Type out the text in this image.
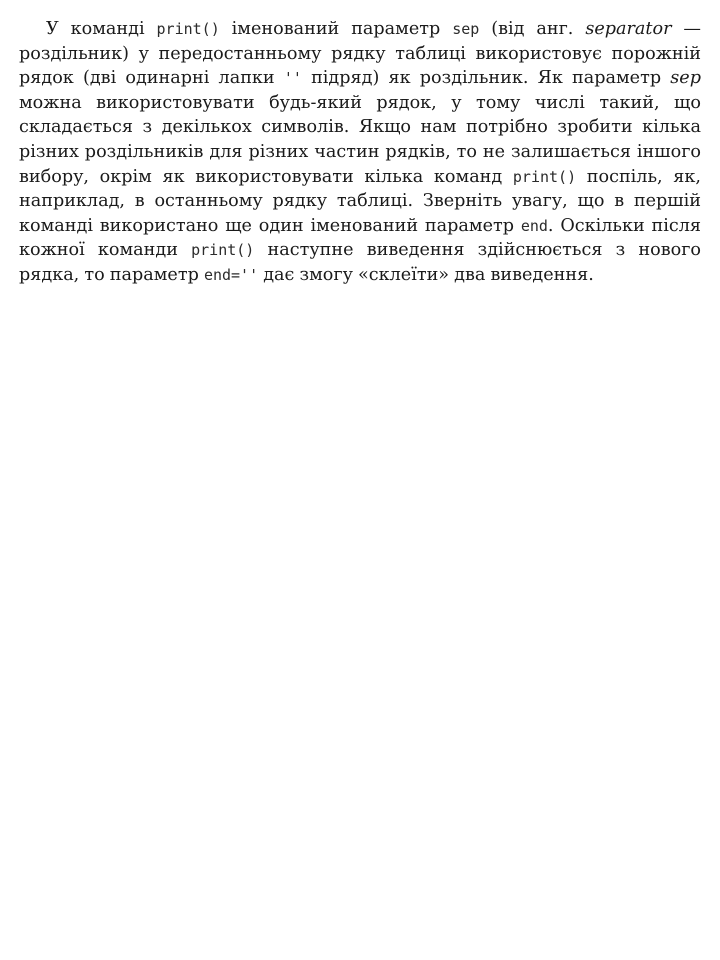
У команді print() іменований параметр sep (від анг. separator — роздільник) у передостанньому рядку таблиці використовує порожній рядок (дві одинарні лапки '' підряд) як роздільник. Як параметр sep можна використовувати будь-який рядок, у тому числі такий, що складається з декількох символів. Якщо нам потрібно зробити кілька різних роздільників для різних частин рядків, то не залишається іншого вибору, окрім як використовувати кілька команд print() поспіль, як, наприклад, в останньому рядку таблиці. Зверніть увагу, що в першій команді використано ще один іменований параметр end. Оскільки після кожної команди print() наступне виведення здійснюється з нового рядка, то параметр end='' дає змогу «склеїти» два виведення.
